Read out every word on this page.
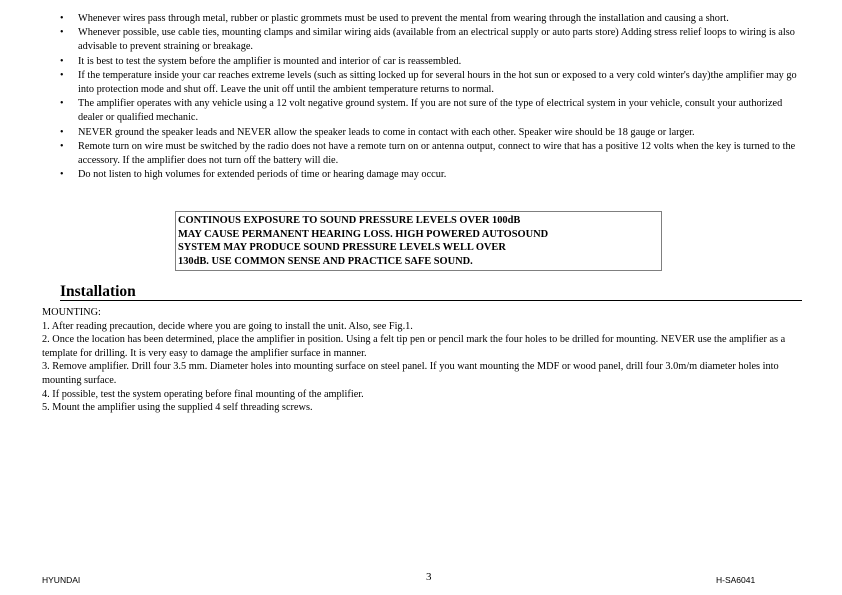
• Whenever wires pass through metal, rubber or plastic grommets must be used to prevent the mental from wearing through the installation and causing a short.
• Whenever possible, use cable ties, mounting clamps and similar wiring aids (available from an electrical supply or auto parts store) Adding stress relief loops to wiring is also advisable to prevent straining or breakage.
• It is best to test the system before the amplifier is mounted and interior of car is reassembled.
• If the temperature inside your car reaches extreme levels (such as sitting locked up for several hours in the hot sun or exposed to a very cold winter's day)the amplifier may go into protection mode and shut off. Leave the unit off until the ambient temperature returns to normal.
• The amplifier operates with any vehicle using a 12 volt negative ground system. If you are not sure of the type of electrical system in your vehicle, consult your authorized dealer or qualified mechanic.
• NEVER ground the speaker leads and NEVER allow the speaker leads to come in contact with each other. Speaker wire should be 18 gauge or larger.
• Remote turn on wire must be switched by the radio does not have a remote turn on or antenna output, connect to wire that has a positive 12 volts when the key is turned to the accessory. If the amplifier does not turn off the battery will die.
• Do not listen to high volumes for extended periods of time or hearing damage may occur.

CONTINOUS EXPOSURE TO SOUND PRESSURE LEVELS OVER 100dB

MAY CAUSE PERMANENT HEARING LOSS. HIGH POWERED AUTOSOUND

SYSTEM MAY PRODUCE SOUND PRESSURE LEVELS WELL OVER

130dB. USE COMMON SENSE AND PRACTICE SAFE SOUND.

Installation

MOUNTING:

1. After reading precaution, decide where you are going to install the unit. Also, see Fig.1.

2. Once the location has been determined, place the amplifier in position. Using a felt tip pen or pencil mark the four holes to be drilled for mounting. NEVER use the amplifier as a template for drilling. It is very easy to damage the amplifier surface in manner.

3. Remove amplifier. Drill four 3.5 mm. Diameter holes into mounting surface on steel panel. If you want mounting the MDF or wood panel, drill four 3.0m/m diameter holes into mounting surface.

4. If possible, test the system operating before final mounting of the amplifier.

5. Mount the amplifier using the supplied 4 self threading screws.

HYUNDAI	3	H-SA6041
